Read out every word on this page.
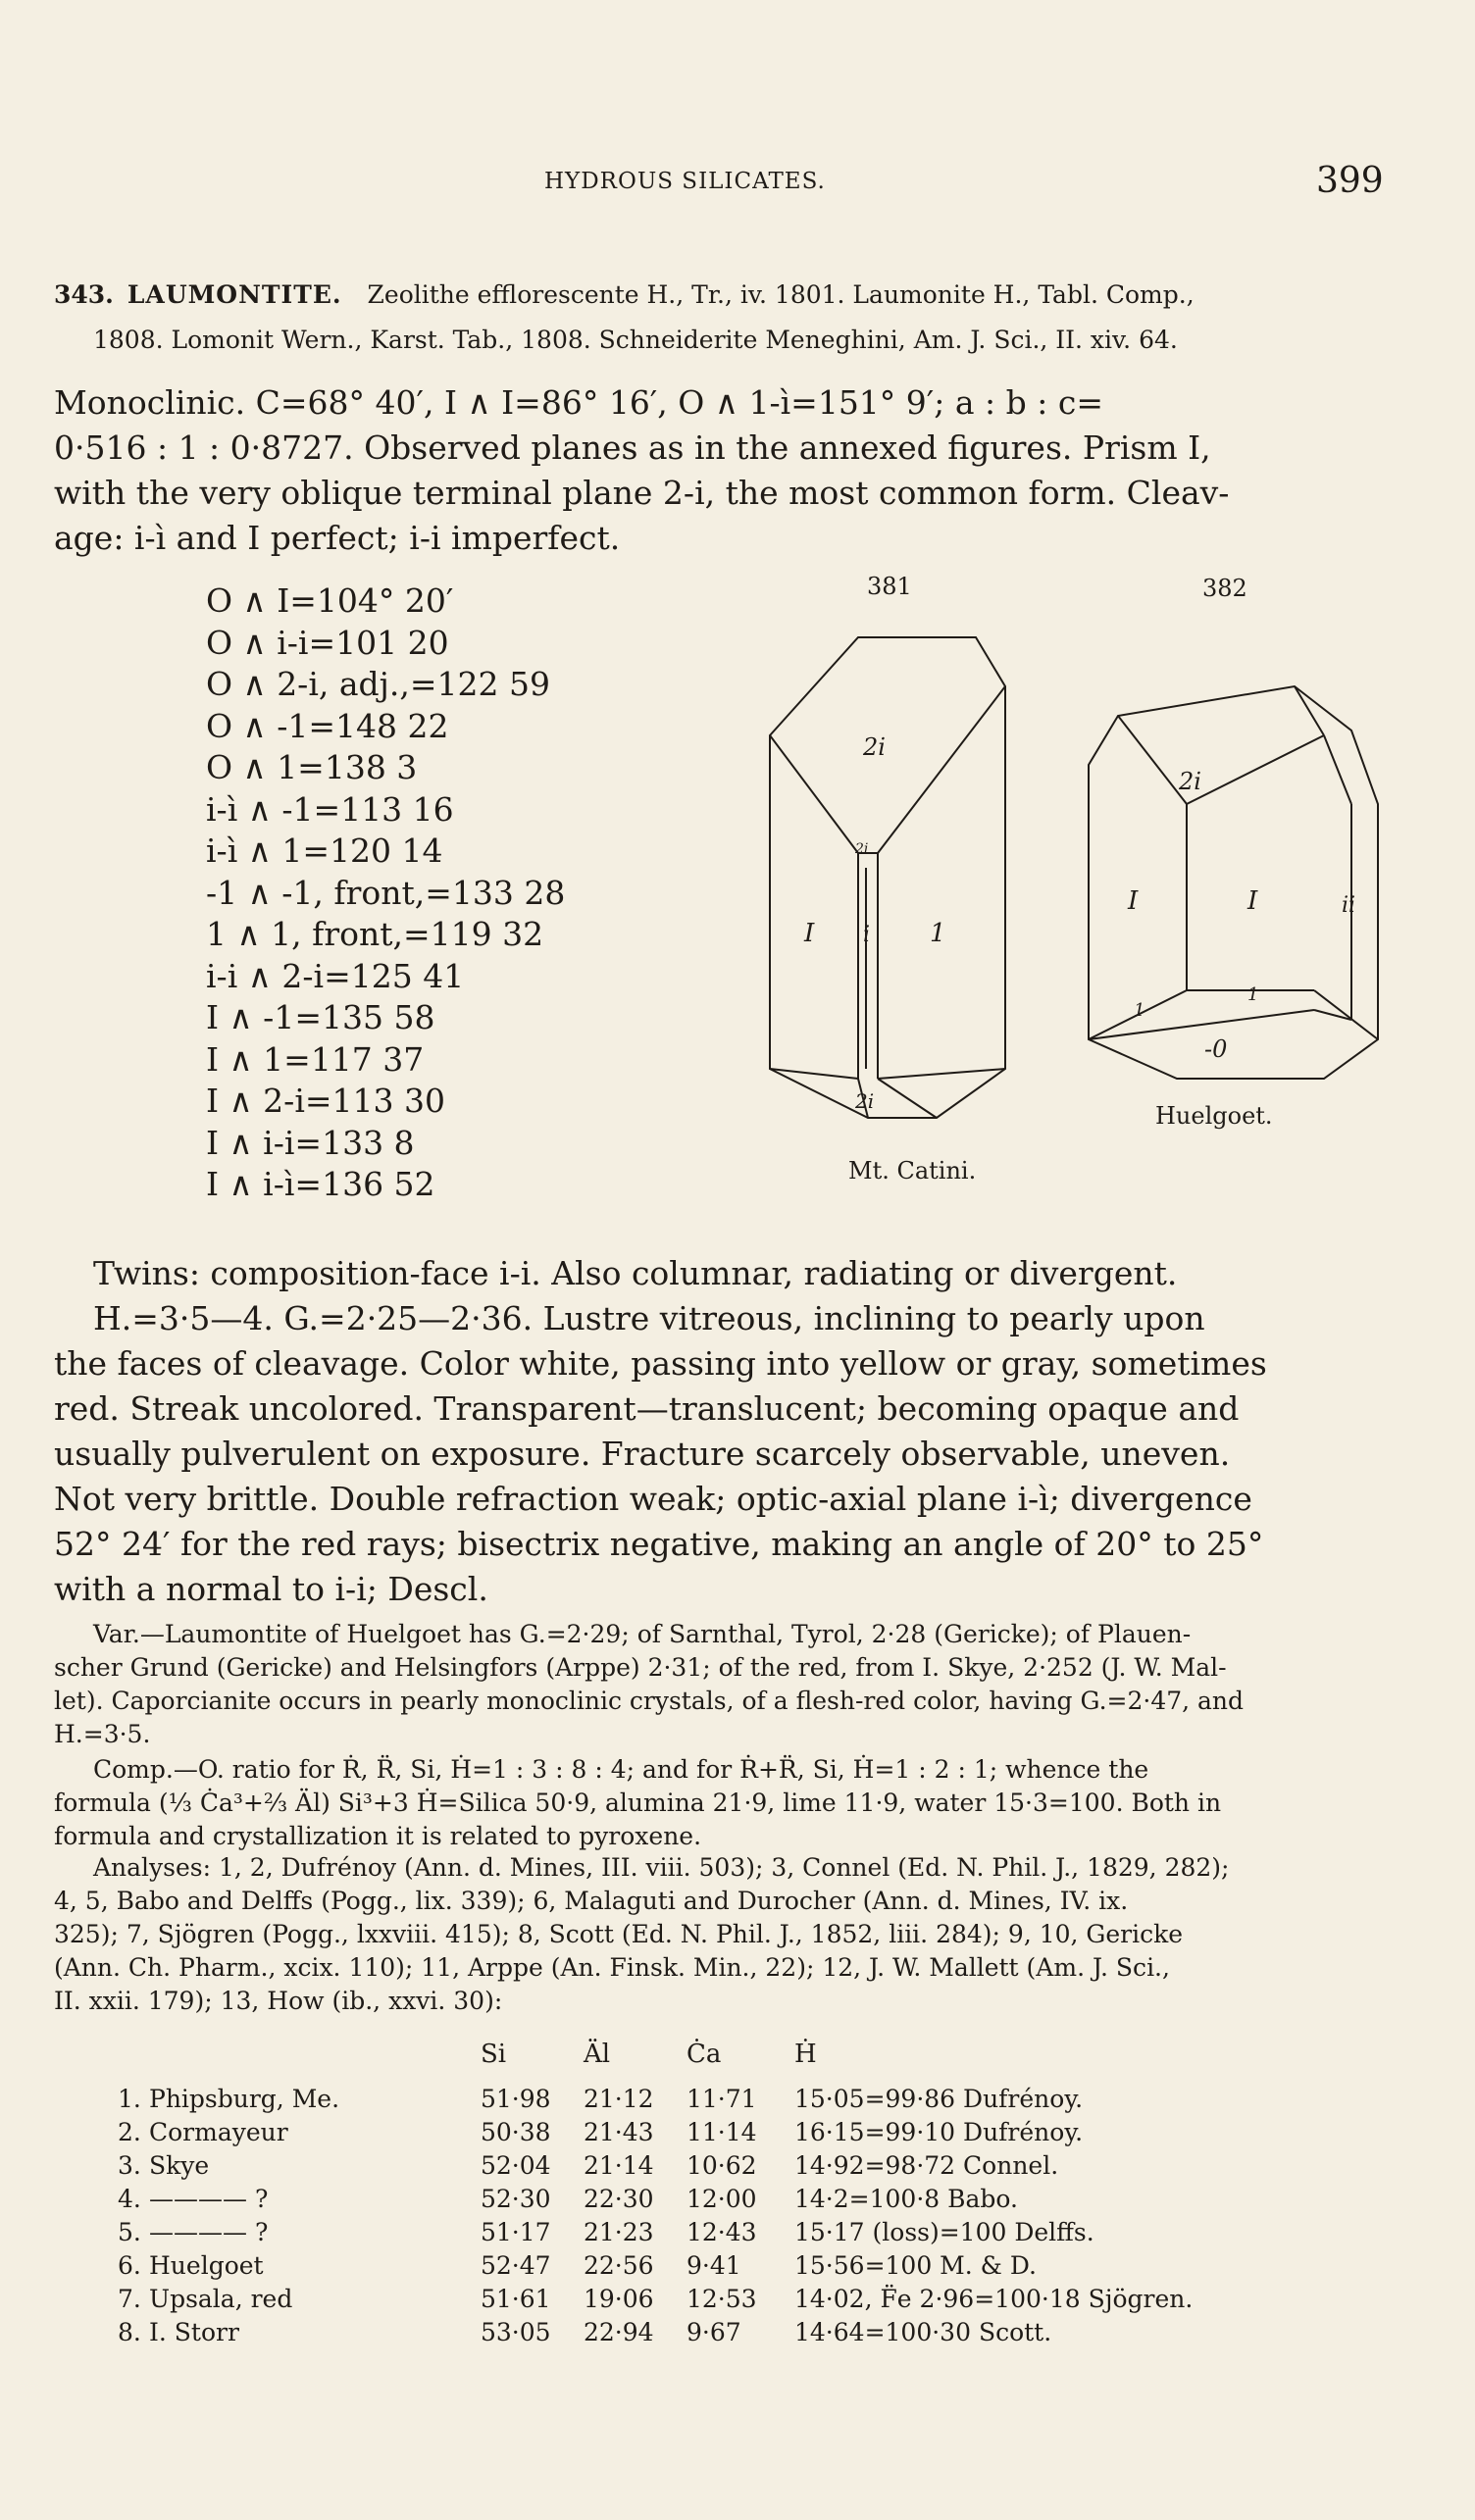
HYDROUS SILICATES.	399
343. LAUMONTITE. Zeolithe efflorescente H., Tr., iv. 1801. Laumonite H., Tabl. Comp.,
1808. Lomonit Wern., Karst. Tab., 1808. Schneiderite Meneghini, Am. J. Sci., II. xiv. 64.

Monoclinic. C=68° 40′, I ∧ I=86° 16′, O ∧ 1-ì=151° 9′; a : b : c=

0·516 : 1 : 0·8727. Observed planes as in the annexed figures. Prism I,

with the very oblique terminal plane 2-i, the most common form. Cleav-

age: i-ì and I perfect; i-i imperfect.

O ∧ I=104° 20′
O ∧ i-i=101 20
O ∧ 2-i, adj.,=122 59
O ∧ -1=148 22
O ∧ 1=138 3
i-ì ∧ -1=113 16
i-ì ∧ 1=120 14
-1 ∧ -1, front,=133 28
1 ∧ 1, front,=119 32
i-i ∧ 2-i=125 41
I ∧ -1=135 58
I ∧ 1=117 37
I ∧ 2-i=113 30
I ∧ i-i=133 8
I ∧ i-ì=136 52
381
2i
2i
I i 1
2i
Mt. Catini.
382
2i
I	I	ii
-0
1
1
Huelgoet.

Twins: composition-face i-i. Also columnar, radiating or divergent.

H.=3·5—4. G.=2·25—2·36. Lustre vitreous, inclining to pearly upon

the faces of cleavage. Color white, passing into yellow or gray, sometimes

red. Streak uncolored. Transparent—translucent; becoming opaque and

usually pulverulent on exposure. Fracture scarcely observable, uneven.

Not very brittle. Double refraction weak; optic-axial plane i-ì; divergence

52° 24′ for the red rays; bisectrix negative, making an angle of 20° to 25°

with a normal to i-i; Descl.

Var.—Laumontite of Huelgoet has G.=2·29; of Sarnthal, Tyrol, 2·28 (Gericke); of Plauen-

scher Grund (Gericke) and Helsingfors (Arppe) 2·31; of the red, from I. Skye, 2·252 (J. W. Mal-

let). Caporcianite occurs in pearly monoclinic crystals, of a flesh-red color, having G.=2·47, and

H.=3·5.

Comp.—O. ratio for Ṙ, R̈, Si, Ḣ=1 : 3 : 8 : 4; and for Ṙ+R̈, Si, Ḣ=1 : 2 : 1; whence the

formula (⅓ Ċa³+⅔ Äl) Si³+3 Ḣ=Silica 50·9, alumina 21·9, lime 11·9, water 15·3=100. Both in

formula and crystallization it is related to pyroxene.

Analyses: 1, 2, Dufrénoy (Ann. d. Mines, III. viii. 503); 3, Connel (Ed. N. Phil. J., 1829, 282);

4, 5, Babo and Delffs (Pogg., lix. 339); 6, Malaguti and Durocher (Ann. d. Mines, IV. ix.

325); 7, Sjögren (Pogg., lxxviii. 415); 8, Scott (Ed. N. Phil. J., 1852, liii. 284); 9, 10, Gericke

(Ann. Ch. Pharm., xcix. 110); 11, Arppe (An. Finsk. Min., 22); 12, J. W. Mallett (Am. J. Sci.,

II. xxii. 179); 13, How (ib., xxvi. 30):

Si	Äl	Ċa	Ḣ
1. Phipsburg, Me.	51·98 21·12 11·71 15·05=99·86 Dufrénoy.
2. Cormayeur	50·38 21·43 11·14 16·15=99·10 Dufrénoy.
3. Skye	52·04 21·14 10·62 14·92=98·72 Connel.
4. ———— ?	52·30 22·30 12·00 14·2=100·8 Babo.
5. ———— ?	51·17 21·23 12·43 15·17 (loss)=100 Delffs.
6. Huelgoet	52·47 22·56 9·41 15·56=100 M. & D.
7. Upsala, red	51·61 19·06 12·53 14·02, F̈e 2·96=100·18 Sjögren.
8. I. Storr	53·05 22·94 9·67 14·64=100·30 Scott.
